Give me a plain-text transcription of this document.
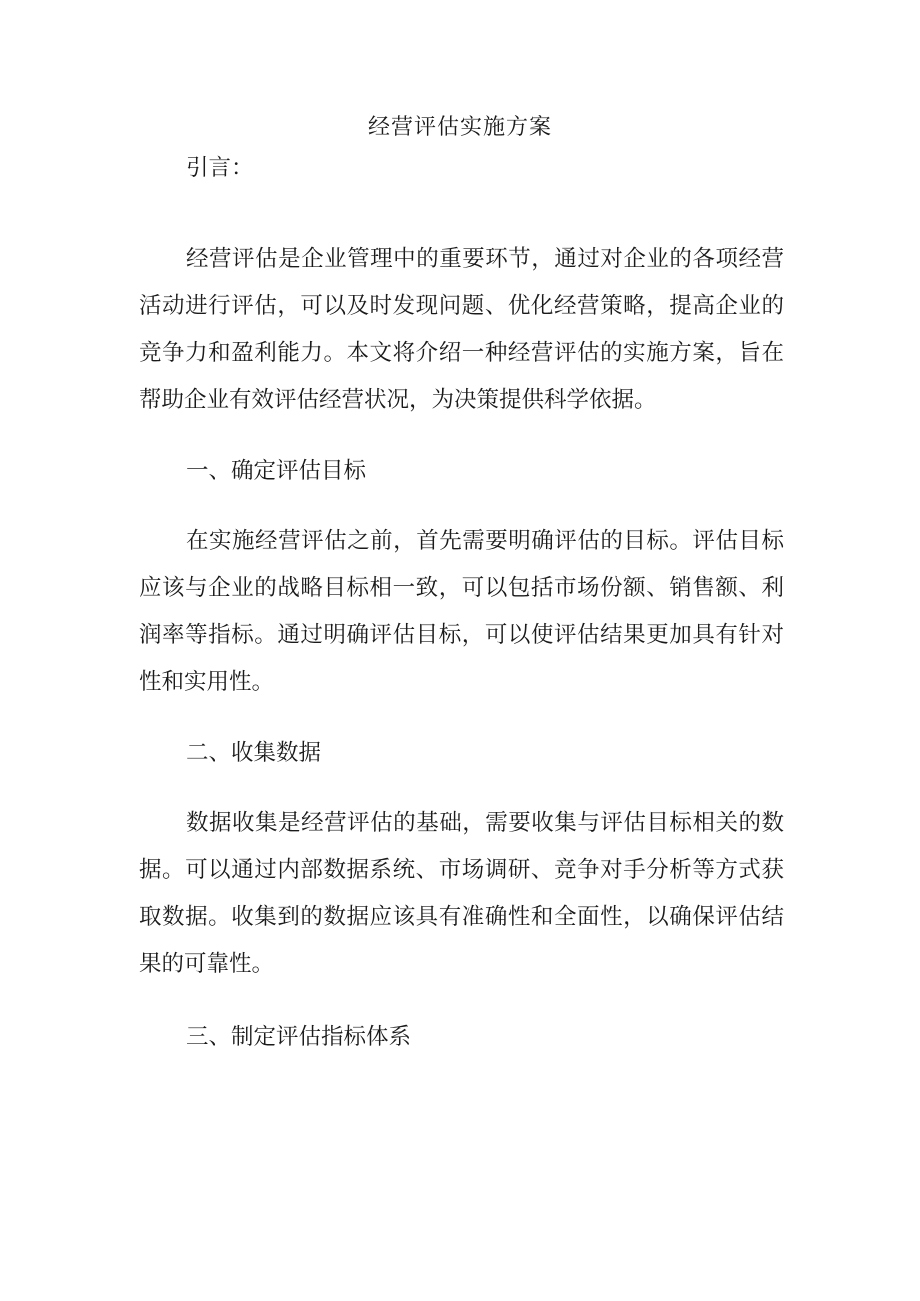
经营评估实施方案
引言：
经营评估是企业管理中的重要环节，通过对企业的各项经营活动进行评估，可以及时发现问题、优化经营策略，提高企业的竞争力和盈利能力。本文将介绍一种经营评估的实施方案，旨在帮助企业有效评估经营状况，为决策提供科学依据。
一、确定评估目标
在实施经营评估之前，首先需要明确评估的目标。评估目标应该与企业的战略目标相一致，可以包括市场份额、销售额、利润率等指标。通过明确评估目标，可以使评估结果更加具有针对性和实用性。
二、收集数据
数据收集是经营评估的基础，需要收集与评估目标相关的数据。可以通过内部数据系统、市场调研、竞争对手分析等方式获取数据。收集到的数据应该具有准确性和全面性，以确保评估结果的可靠性。
三、制定评估指标体系
